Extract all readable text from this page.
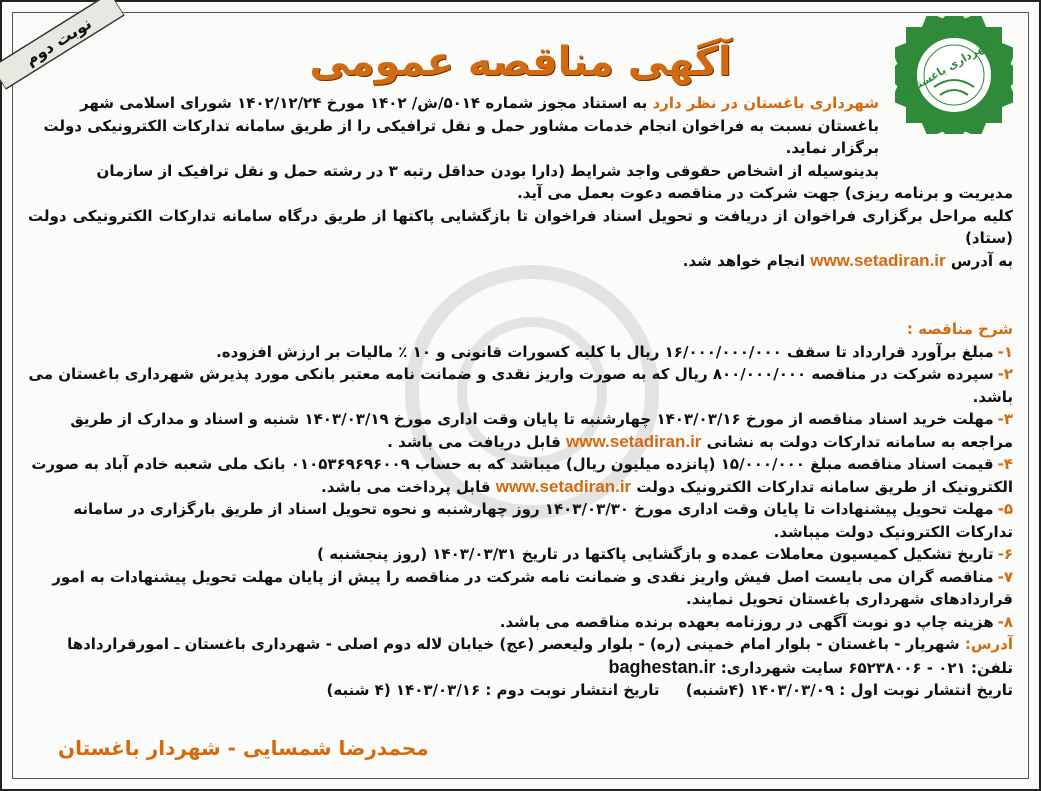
نوبت دوم	شهرداری باغستان
آگهی مناقصه عمومی
شهرداری باغستان در نظر دارد به استناد مجوز شماره ۵۰۱۴/ش/ ۱۴۰۲ مورخ ۱۴۰۲/۱۲/۲۴ شورای اسلامی شهر
باغستان نسبت به فراخوان انجام خدمات مشاور حمل و نقل ترافیکی را از طریق سامانه تدارکات الکترونیکی دولت
برگزار نماید.
بدینوسیله از اشخاص حقوقی واجد شرایط (دارا بودن حداقل رتبه ۳ در رشته حمل و نقل ترافیک از سازمان
مدیریت و برنامه ریزی) جهت شرکت در مناقصه دعوت بعمل می آید.
کلیه مراحل برگزاری فراخوان از دریافت و تحویل اسناد فراخوان تا بازگشایی پاکتها از طریق درگاه سامانه تدارکات الکترونیکی دولت (ستاد)
به آدرس www.setadiran.ir انجام خواهد شد.
شرح مناقصه :
۱-مبلغ برآورد قرارداد تا سقف ۱۶/۰۰۰/۰۰۰/۰۰۰ ریال با کلیه کسورات قانونی و ۱۰ ٪ مالیات بر ارزش افزوده.
۲-سپرده شرکت در مناقصه ۸۰۰/۰۰۰/۰۰۰ ریال که به صورت واریز نقدی و ضمانت نامه معتبر بانکی مورد پذیرش شهرداری باغستان می باشد.
۳-مهلت خرید اسناد مناقصه از مورخ ۱۴۰۳/۰۳/۱۶ چهارشنبه تا پایان وقت اداری مورخ ۱۴۰۳/۰۳/۱۹ شنبه و اسناد و مدارک از طریق مراجعه به سامانه تدارکات دولت به نشانی www.setadiran.ir قابل دریافت می باشد .
۴-قیمت اسناد مناقصه مبلغ ۱۵/۰۰۰/۰۰۰ (پانزده میلیون ریال) میباشد که به حساب ۰۱۰۵۳۶۹۶۹۶۰۰۹ بانک ملی شعبه خادم آباد به صورت الکترونیک از طریق سامانه تدارکات الکترونیک دولت www.setadiran.ir قابل پرداخت می باشد.
۵-مهلت تحویل پیشنهادات تا پایان وقت اداری مورخ ۱۴۰۳/۰۳/۳۰ روز چهارشنبه و نحوه تحویل اسناد از طریق بارگزاری در سامانه تدارکات الکترونیک دولت میباشد.
۶-تاریخ تشکیل کمیسیون معاملات عمده و بازگشایی پاکتها در تاریخ ۱۴۰۳/۰۳/۳۱ (روز پنجشنبه )
۷-مناقصه گران می بایست اصل فیش واریز نقدی و ضمانت نامه شرکت در مناقصه را پیش از پایان مهلت تحویل پیشنهادات به امور قراردادهای شهرداری باغستان تحویل نمایند.
۸-هزینه چاپ دو نوبت آگهی در روزنامه بعهده برنده مناقصه می باشد.
آدرس: شهریار - باغستان - بلوار امام خمینی (ره) - بلوار ولیعصر (عج) خیابان لاله دوم اصلی - شهرداری باغستان ـ امورقراردادها
تلفن: ۰۲۱ - ۶۵۲۳۸۰۰۶ سایت شهرداری: baghestan.ir
تاریخ انتشار نوبت اول : ۱۴۰۳/۰۳/۰۹ (۴شنبه)     تاریخ انتشار نوبت دوم : ۱۴۰۳/۰۳/۱۶ (۴ شنبه)
محمدرضا شمسایی - شهردار باغستان
